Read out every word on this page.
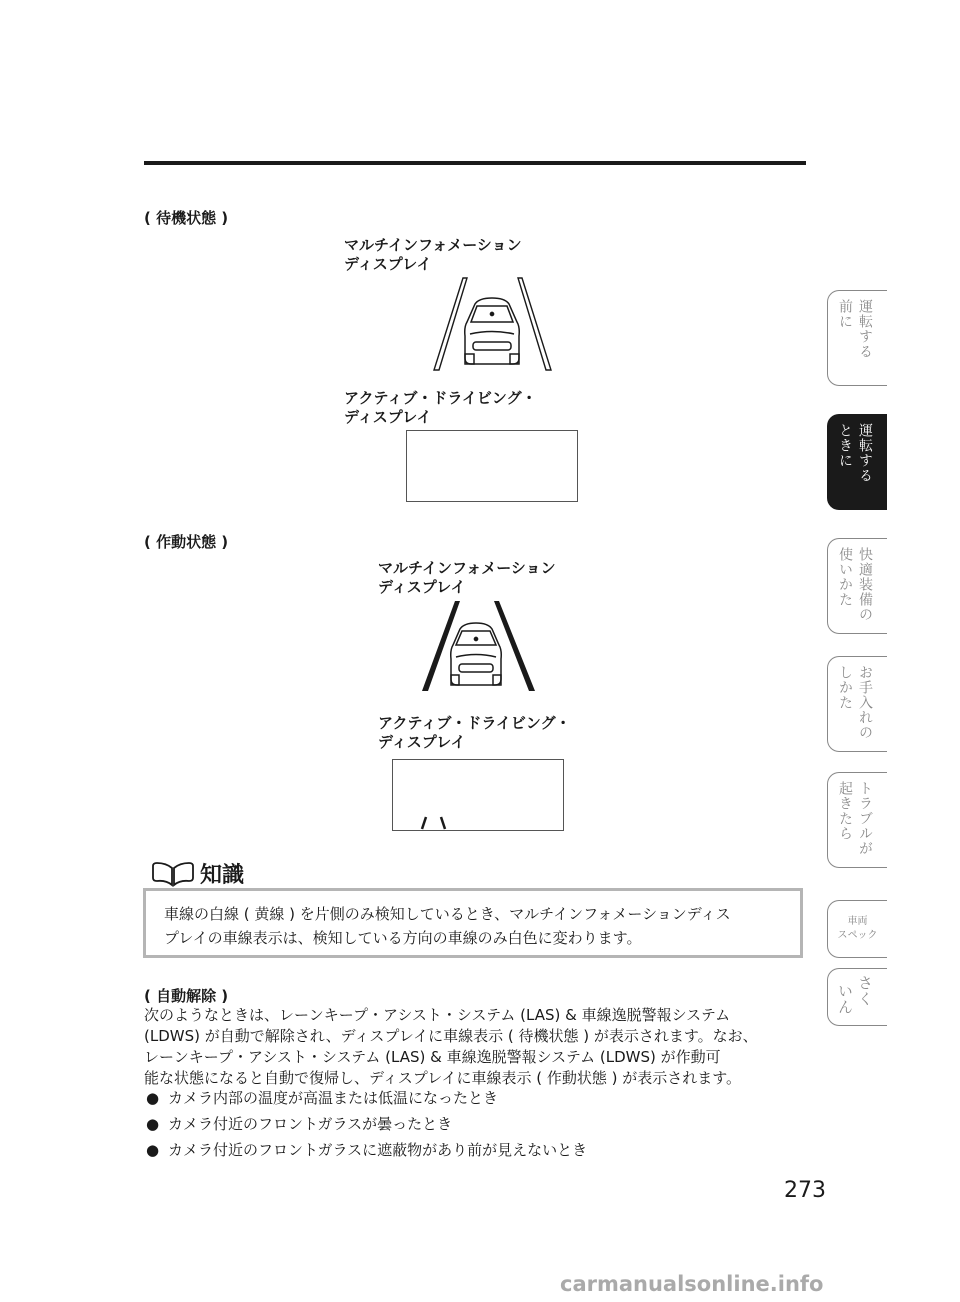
( 待機状態 )
マルチインフォメーション
ディスプレイ
アクティブ・ドライビング・
ディスプレイ
( 作動状態 )
マルチインフォメーション
ディスプレイ
アクティブ・ドライビング・
ディスプレイ
知識
車線の白線 ( 黄線 ) を片側のみ検知しているとき、マルチインフォメーションディス
プレイの車線表示は、検知している方向の車線のみ白色に変わります。
( 自動解除 )
次のようなときは、レーンキープ・アシスト・システム (LAS) & 車線逸脱警報システム
(LDWS) が自動で解除され、ディスプレイに車線表示 ( 待機状態 ) が表示されます。なお、
レーンキープ・アシスト・システム (LAS) & 車線逸脱警報システム (LDWS) が作動可
能な状態になると自動で復帰し、ディスプレイに車線表示 ( 作動状態 ) が表示されます。
● カメラ内部の温度が高温または低温になったとき
● カメラ付近のフロントガラスが曇ったとき
● カメラ付近のフロントガラスに遮蔽物があり前が見えないとき
273
運転する
前に
運転する
ときに
快適装備の
使いかた
お手入れの
しかた
トラブルが
起きたら
車両
スペック
さく
いん
carmanualsonline.info
